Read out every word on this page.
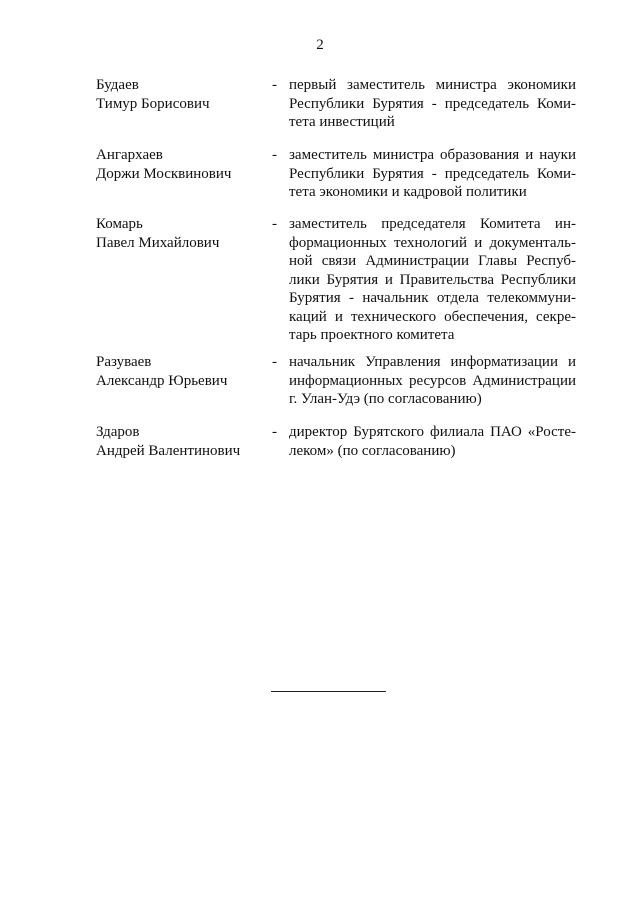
2
Будаев
Тимур Борисович
- первый заместитель министра экономики
Республики Бурятия - председатель Коми-
тета инвестиций
Ангархаев
Доржи Москвинович
- заместитель министра образования и науки
Республики Бурятия - председатель Коми-
тета экономики и кадровой политики
Комарь
Павел Михайлович
- заместитель председателя Комитета ин-
формационных технологий и документаль-
ной связи Администрации Главы Респуб-
лики Бурятия и Правительства Республики
Бурятия - начальник отдела телекоммуни-
каций и технического обеспечения, секре-
тарь проектного комитета
Разуваев
Александр Юрьевич
- начальник Управления информатизации и
информационных ресурсов Администрации
г. Улан-Удэ (по согласованию)
Здаров
Андрей Валентинович
- директор Бурятского филиала ПАО «Росте-
леком» (по согласованию)
